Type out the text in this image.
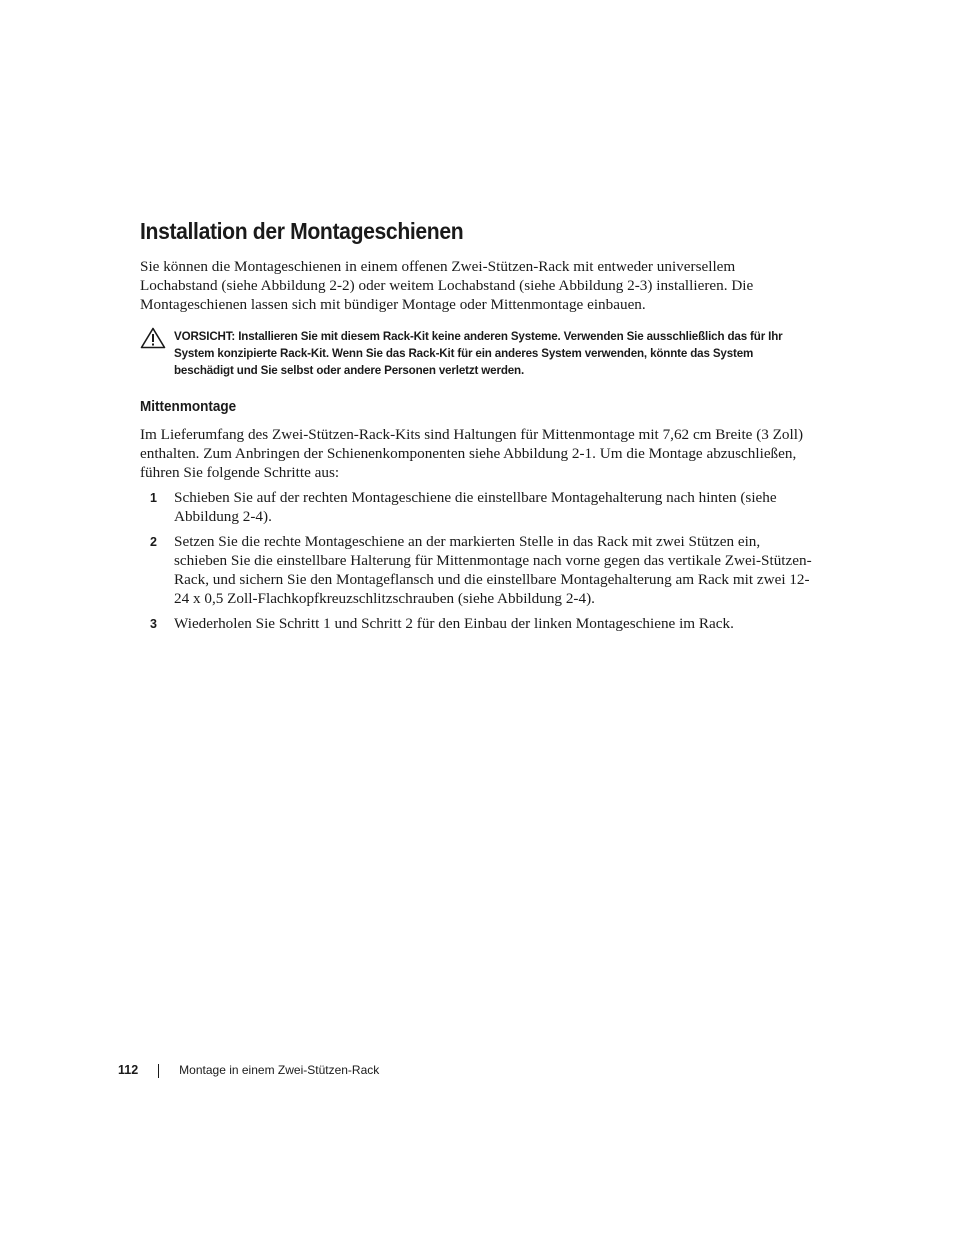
Installation der Montageschienen

Sie können die Montageschienen in einem offenen Zwei-Stützen-Rack mit entweder universellem Lochabstand (siehe Abbildung 2-2) oder weitem Lochabstand (siehe Abbildung 2-3) installieren. Die Montageschienen lassen sich mit bündiger Montage oder Mittenmontage einbauen.

VORSICHT: Installieren Sie mit diesem Rack-Kit keine anderen Systeme. Verwenden Sie ausschließlich das für Ihr System konzipierte Rack-Kit. Wenn Sie das Rack-Kit für ein anderes System verwenden, könnte das System beschädigt und Sie selbst oder andere Personen verletzt werden.

Mittenmontage

Im Lieferumfang des Zwei-Stützen-Rack-Kits sind Haltungen für Mittenmontage mit 7,62 cm Breite (3 Zoll) enthalten. Zum Anbringen der Schienenkomponenten siehe Abbildung 2-1. Um die Montage abzuschließen, führen Sie folgende Schritte aus:

1 Schieben Sie auf der rechten Montageschiene die einstellbare Montagehalterung nach hinten (siehe Abbildung 2-4).

2 Setzen Sie die rechte Montageschiene an der markierten Stelle in das Rack mit zwei Stützen ein, schieben Sie die einstellbare Halterung für Mittenmontage nach vorne gegen das vertikale Zwei-Stützen-Rack, und sichern Sie den Montageflansch und die einstellbare Montagehalterung am Rack mit zwei 12-24 x 0,5 Zoll-Flachkopfkreuzschlitzschrauben (siehe Abbildung 2-4).

3 Wiederholen Sie Schritt 1 und Schritt 2 für den Einbau der linken Montageschiene im Rack.

112	Montage in einem Zwei-Stützen-Rack
